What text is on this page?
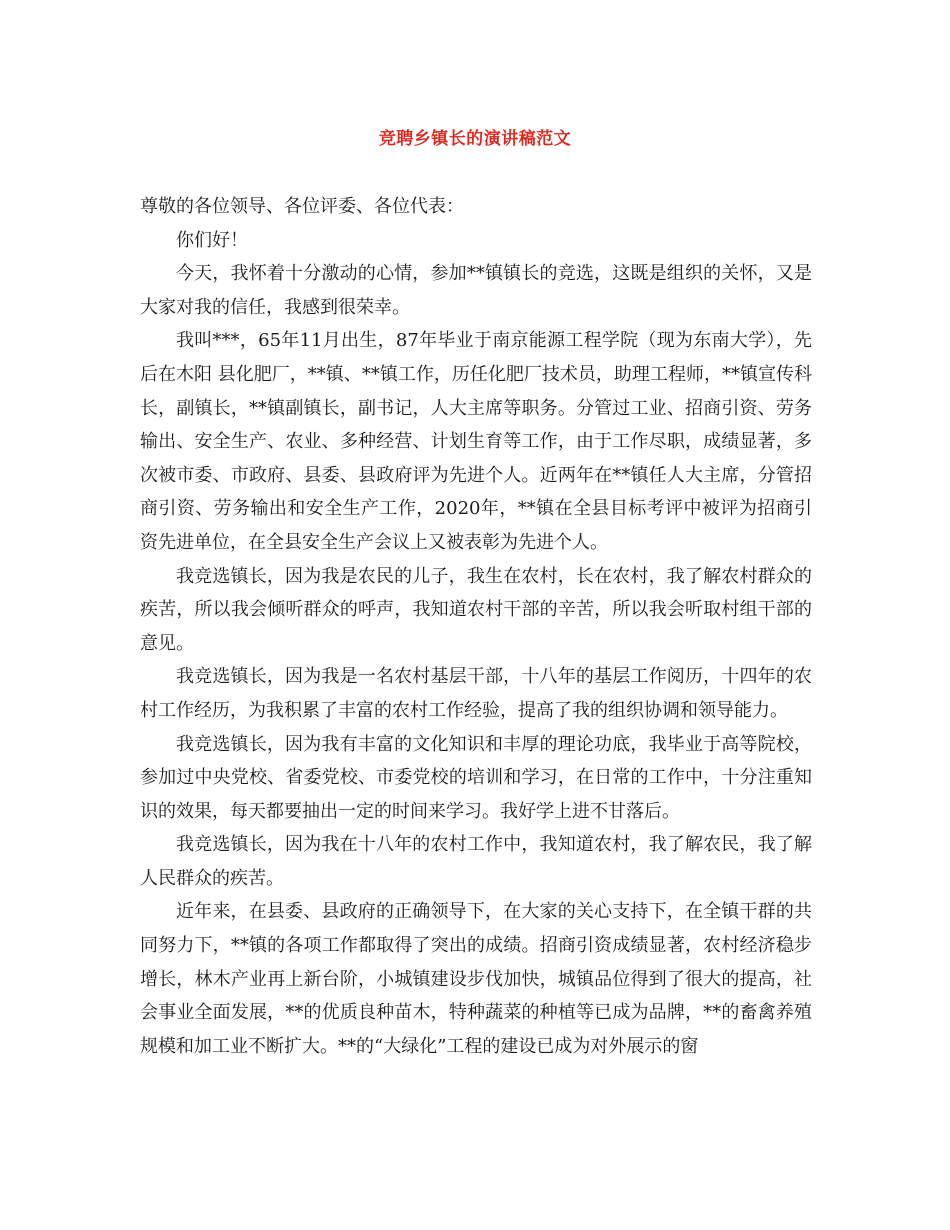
竞聘乡镇长的演讲稿范文

尊敬的各位领导、各位评委、各位代表：

你们好！

今天，我怀着十分激动的心情，参加**镇镇长的竞选，这既是组织的关怀，又是大家对我的信任，我感到很荣幸。

我叫***，65年11月出生，87年毕业于南京能源工程学院（现为东南大学），先后在木阳 县化肥厂，**镇、**镇工作，历任化肥厂技术员，助理工程师，**镇宣传科长，副镇长，**镇副镇长，副书记，人大主席等职务。分管过工业、招商引资、劳务输出、安全生产、农业、多种经营、计划生育等工作，由于工作尽职，成绩显著，多次被市委、市政府、县委、县政府评为先进个人。近两年在**镇任人大主席，分管招商引资、劳务输出和安全生产工作，2020年，**镇在全县目标考评中被评为招商引资先进单位，在全县安全生产会议上又被表彰为先进个人。

我竞选镇长，因为我是农民的儿子，我生在农村，长在农村，我了解农村群众的疾苦，所以我会倾听群众的呼声，我知道农村干部的辛苦，所以我会听取村组干部的意见。

我竞选镇长，因为我是一名农村基层干部，十八年的基层工作阅历，十四年的农村工作经历，为我积累了丰富的农村工作经验，提高了我的组织协调和领导能力。

我竞选镇长，因为我有丰富的文化知识和丰厚的理论功底，我毕业于高等院校，参加过中央党校、省委党校、市委党校的培训和学习，在日常的工作中，十分注重知识的效果，每天都要抽出一定的时间来学习。我好学上进不甘落后。

我竞选镇长，因为我在十八年的农村工作中，我知道农村，我了解农民，我了解人民群众的疾苦。

近年来，在县委、县政府的正确领导下，在大家的关心支持下，在全镇干群的共同努力下，**镇的各项工作都取得了突出的成绩。招商引资成绩显著，农村经济稳步增长，林木产业再上新台阶，小城镇建设步伐加快，城镇品位得到了很大的提高，社会事业全面发展，**的优质良种苗木，特种蔬菜的种植等已成为品牌，**的畜禽养殖规模和加工业不断扩大。**的“大绿化”工程的建设已成为对外展示的窗
